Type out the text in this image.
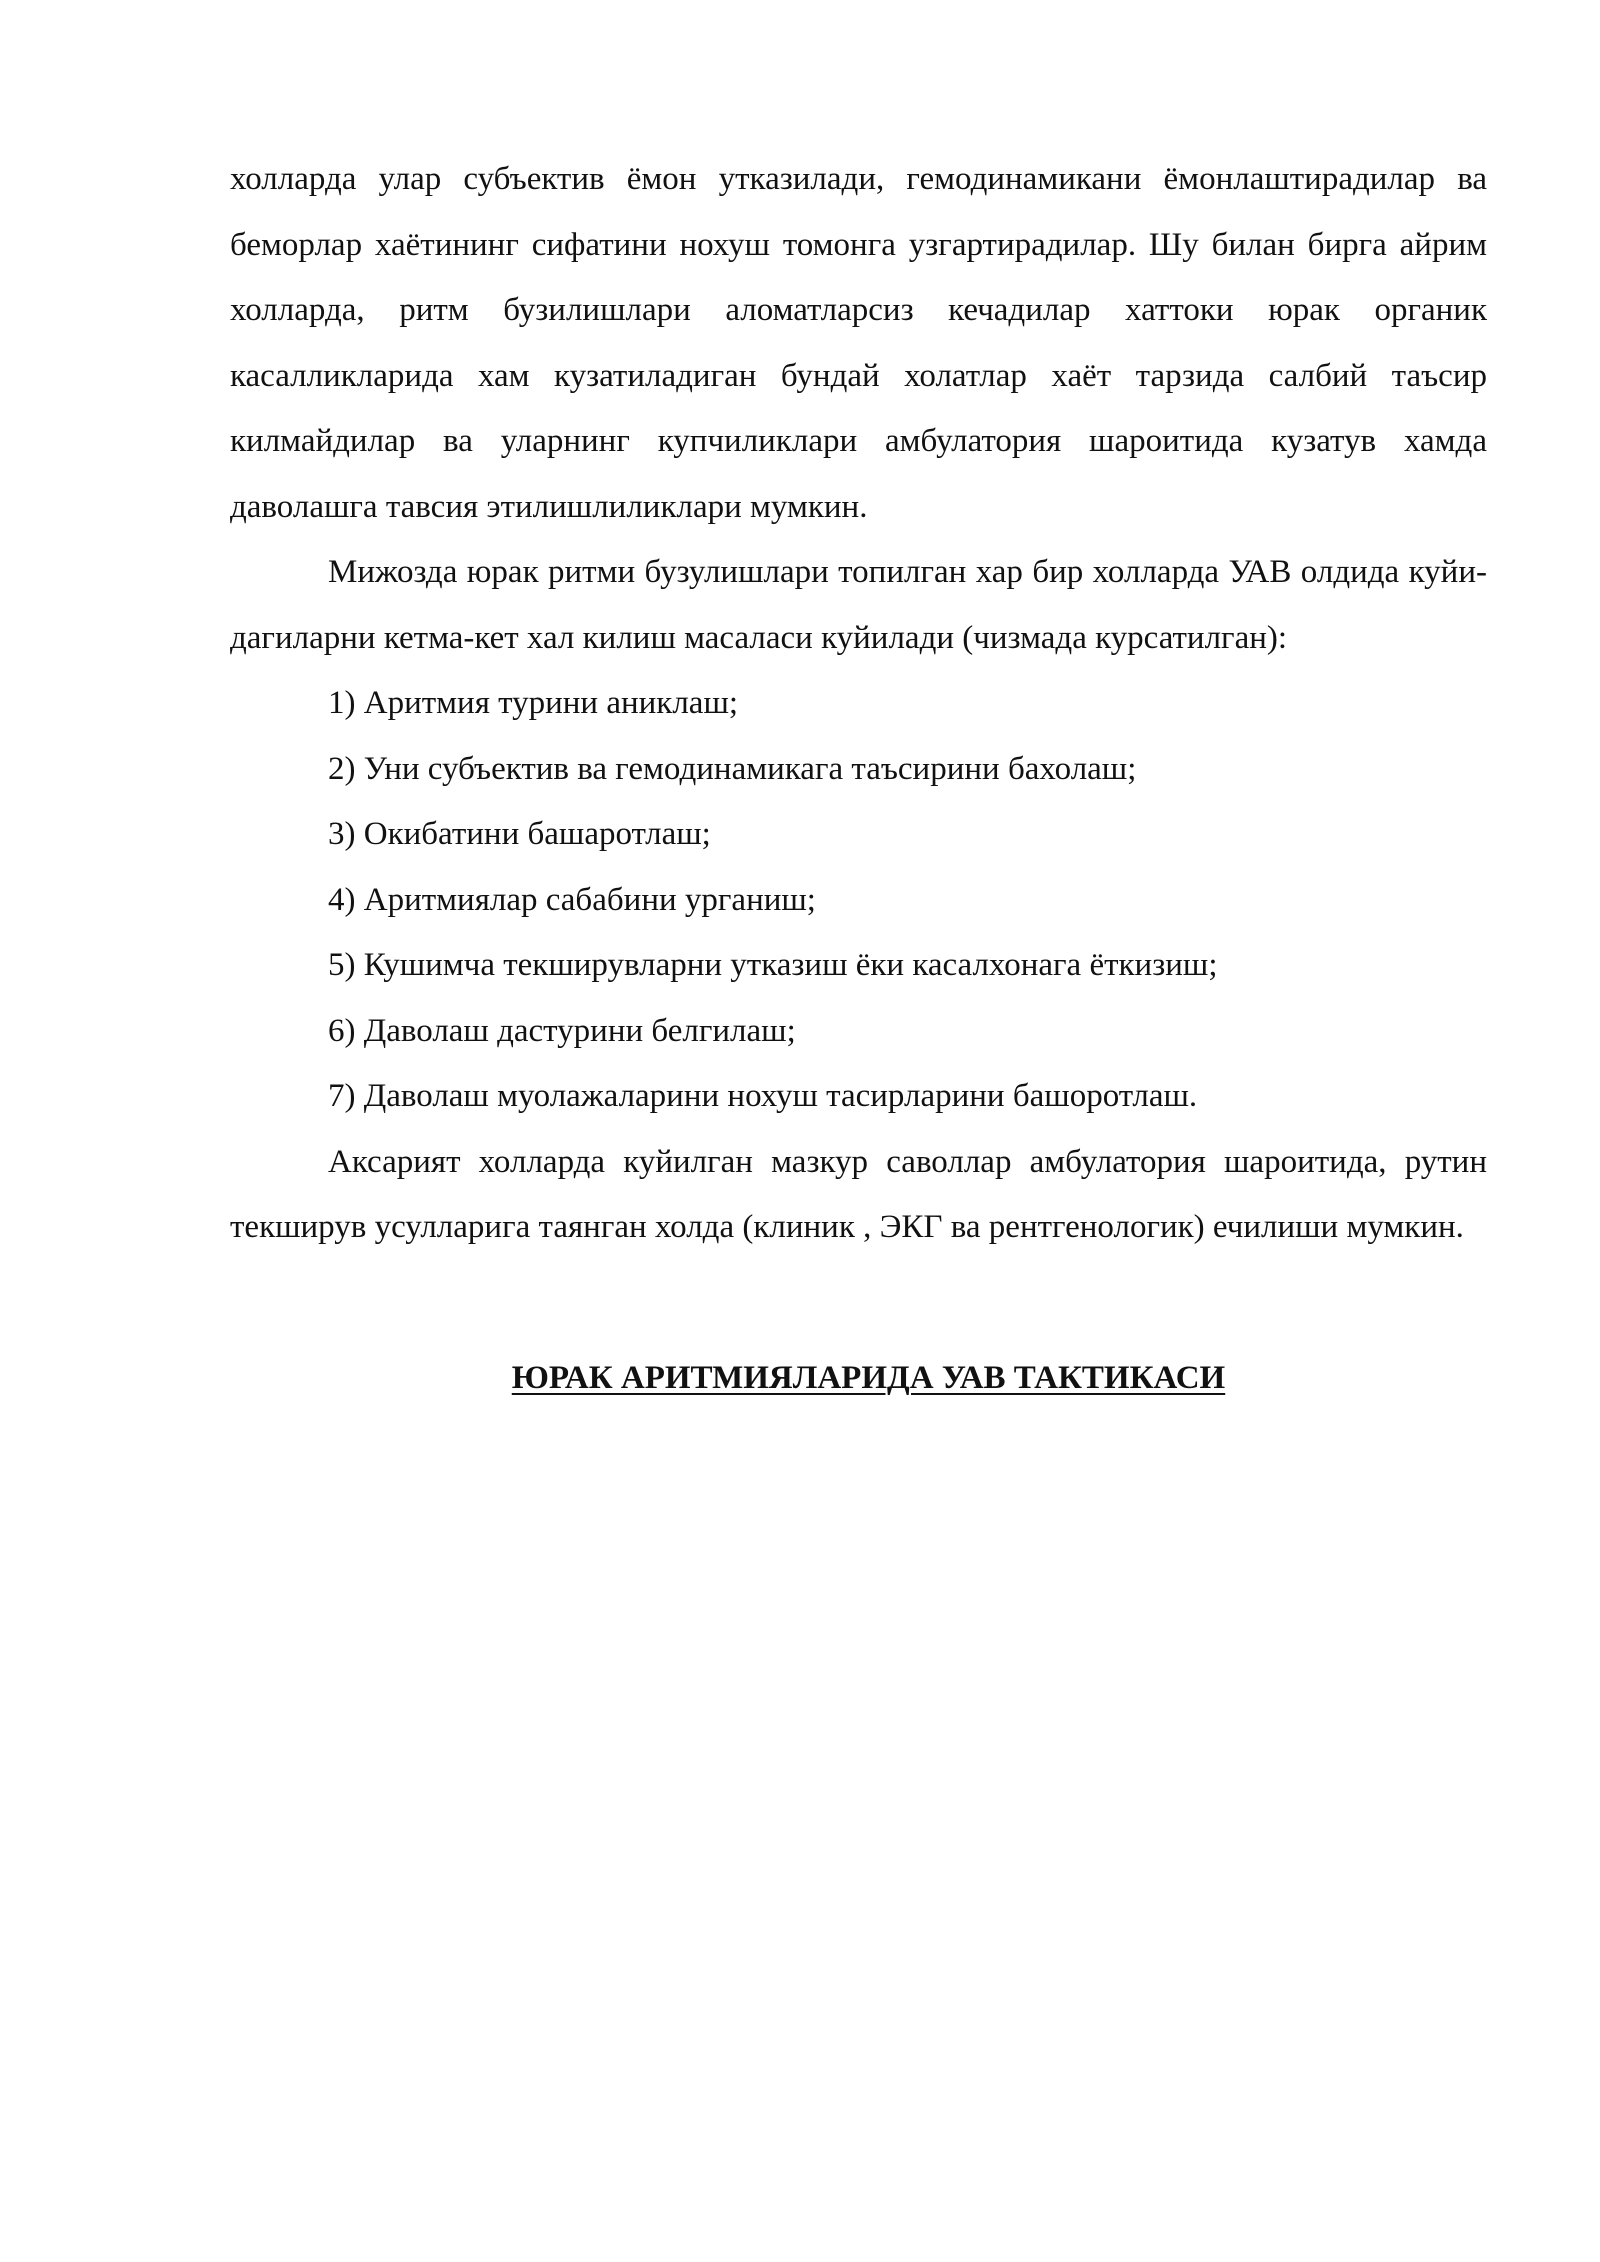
холларда улар субъектив ёмон утказилади, гемодинамикани ёмонлаштирадилар ва беморлар хаётининг сифатини нохуш томонга узгартирадилар. Шу билан бирга айрим холларда, ритм бузилишлари аломатларсиз кечадилар хаттоки юрак органик касалликларида хам кузатиладиган бундай холатлар хаёт тарзида салбий таъсир килмайдилар ва уларнинг купчиликлари амбулатория шароитида кузатув хамда даволашга тавсия этилишлиликлари мумкин.

Мижозда юрак ритми бузулишлари топилган хар бир холларда УАВ олдида куйи- дагиларни кетма-кет хал килиш масаласи куйилади (чизмада курсатилган):

1) Аритмия турини аниклаш;
2) Уни субъектив ва гемодинамикага таъсирини бахолаш;
3) Окибатини башаротлаш;
4) Аритмиялар сабабини урганиш;
5) Кушимча текширувларни утказиш ёки касалхонага ёткизиш;
6) Даволаш дастурини белгилаш;
7) Даволаш муолажаларини нохуш тасирларини башоротлаш.

Аксарият холларда куйилган мазкур саволлар амбулатория шароитида, рутин текширув усулларига таянган холда (клиник , ЭКГ ва рентгенологик) ечилиши мумкин.

ЮРАК АРИТМИЯЛАРИДА УАВ ТАКТИКАСИ
